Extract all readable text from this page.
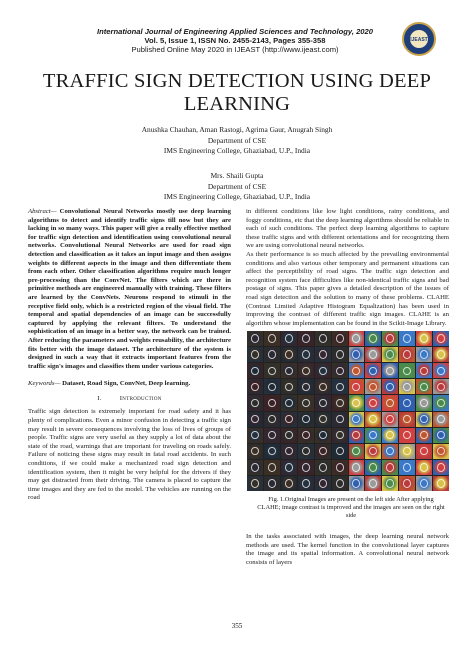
International Journal of Engineering Applied Sciences and Technology, 2020
Vol. 5, Issue 1, ISSN No. 2455-2143, Pages 355-358
Published Online May 2020 in IJEAST (http://www.ijeast.com)
IJEAST
TRAFFIC SIGN DETECTION USING DEEP LEARNING
Anushka Chauhan, Aman Rastogi, Agrima Gaur, Anugrah Singh
Department of CSE
IMS Engineering College, Ghaziabad, U.P., India
Mrs. Shaili Gupta
Department of CSE
IMS Engineering College, Ghaziabad, U.P., India

Abstract— Convolutional Neural Networks mostly use deep learning algorithms to detect and identify traffic signs till now but they are lacking in so many ways. This paper will give a really effective method for traffic sign detection and identification using convolutional neural networks. Convolutional Neural Networks are used for road sign detection and classification as it takes an input image and then assigns weights to different aspects in the image and then differentiate them from each other. Other classification algorithms require much longer pre-processing than the ConvNet. The filters which are there in primitive methods are engineered manually with training. These filters are learned by the ConvNets. Neurons respond to stimuli in the receptive field only, which is a restricted region of the visual field. The temporal and spatial dependencies of an image can be successfully captured by applying the relevant filters. To understand the sophistication of an image in a better way, the network can be trained. After reducing the parameters and weights reusability, the architecture fits better with the image dataset. The architecture of the system is designed in such a way that it extracts important features from the traffic sign's images and classifies them under various categories.

Keywords— Dataset, Road Sign, ConvNet, Deep learning.

I.	Introduction

Traffic sign detection is extremely important for road safety and it has plenty of complications. Even a minor confusion in detecting a traffic sign may result in severe consequences involving the loss of lives of groups of people. Traffic signs are very useful as they supply a lot of data about the state of the road, warnings that are important for traveling on roads safely. Failure of noticing these signs may result in fatal road accidents. In such conditions, if we could make a mechanized road sign detection and identification system, then it might be very helpful for the drivers if they may get distracted from their driving. The camera is placed to capture the time images and they are fed to the model. The vehicles are running on the road

in different conditions like low light conditions, rainy conditions, and foggy conditions, etc that the deep learning algorithms should be reliable in each of such conditions. The perfect deep learning algorithms to capture these traffic signs and with different orientations and for recognizing them we are using convolutional neural networks.

As their performance is so much affected by the prevailing environmental conditions and also various other temporary and permanent situations can affect the perceptibility of road signs. The traffic sign detection and recognition system face difficulties like non-identical traffic signs and bad postage of signs. This paper gives a detailed description of the issues of road sign detection and the solution to many of these problems. CLAHE (Contrast Limited Adaptive Histogram Equalization) has been used in improving the contrast of different traffic sign images. CLAHE is an algorithm whose implementation can be found in the Scikit-Image Library.

Fig. 1.Original Images are present on the left side After applying CLAHE; image contrast is improved and the images are seen on the right side

In the tasks associated with images, the deep learning neural network methods are used. The kernel function in the convolutional layer captures the image and its spatial information. A convolutional neural network consists of layers

355
